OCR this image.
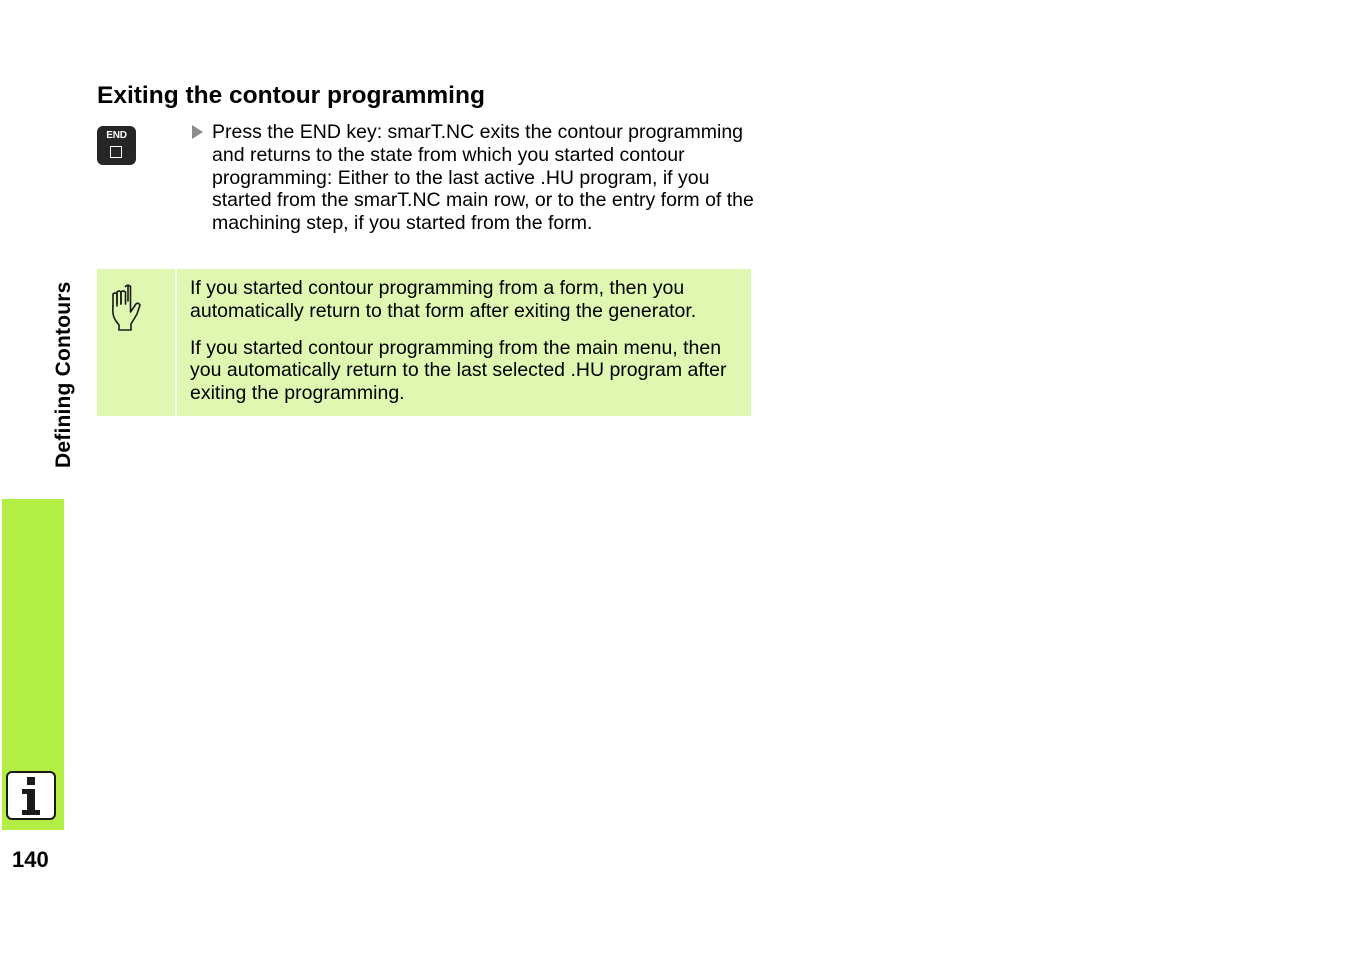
Defining Contours
140
Exiting the contour programming
END	Press the END key: smarT.NC exits the contour programming and returns to the state from which you started contour programming: Either to the last active .HU program, if you started from the smarT.NC main row, or to the entry form of the machining step, if you started from the form.

If you started contour programming from a form, then you automatically return to that form after exiting the generator.

If you started contour programming from the main menu, then you automatically return to the last selected .HU program after exiting the programming.
